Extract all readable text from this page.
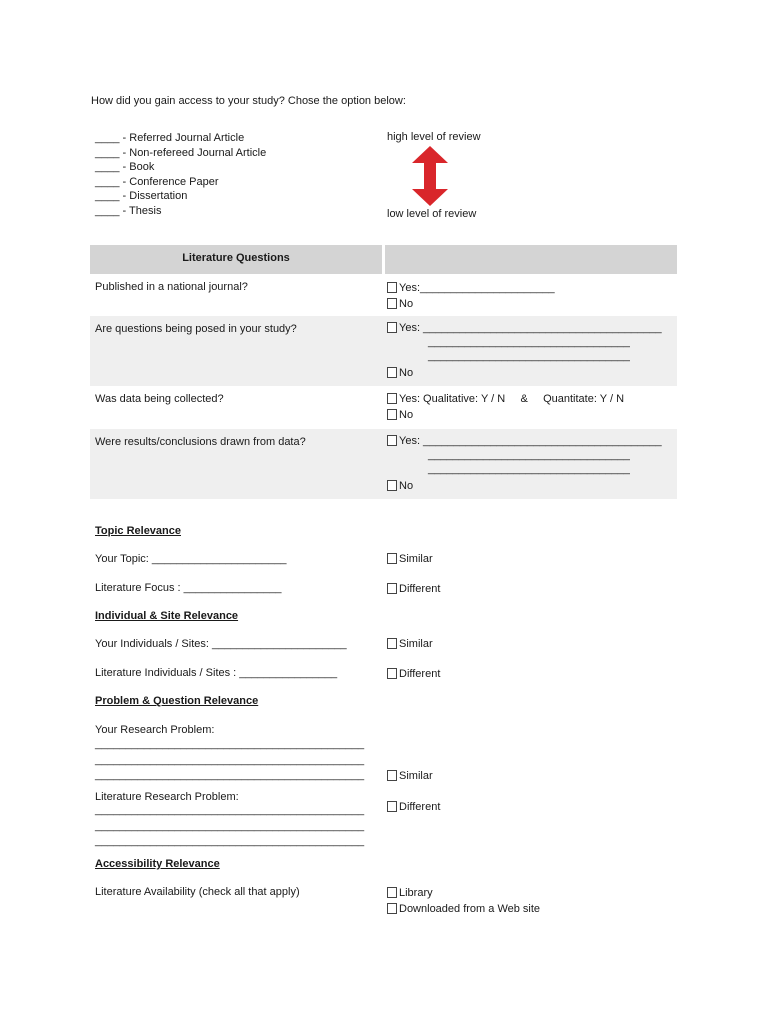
How did you gain access to your study? Chose the option below:
____ - Referred Journal Article
____ - Non-refereed Journal Article
____ - Book
____ - Conference Paper
____ - Dissertation
____ - Thesis
high level of review
low level of review
Literature Questions
Published in a national journal?	Yes:______________________
No
Are questions being posed in your study?	Yes: _______________________________________
_________________________________
_________________________________
No
Was data being collected?	Yes: Qualitative: Y / N     &     Quantitate: Y / N
No
Were results/conclusions drawn from data?	Yes: _______________________________________
_________________________________
_________________________________
No
Topic Relevance
Your Topic: ______________________	Similar
Literature Focus : ________________	Different
Individual & Site Relevance
Your Individuals / Sites: ______________________	Similar
Literature Individuals / Sites : ________________	Different
Problem & Question Relevance
Your Research Problem:
____________________________________________
____________________________________________
____________________________________________	Similar
Literature Research Problem:
Different
____________________________________________
____________________________________________
____________________________________________
Accessibility Relevance
Literature Availability (check all that apply)	Library
Downloaded from a Web site
